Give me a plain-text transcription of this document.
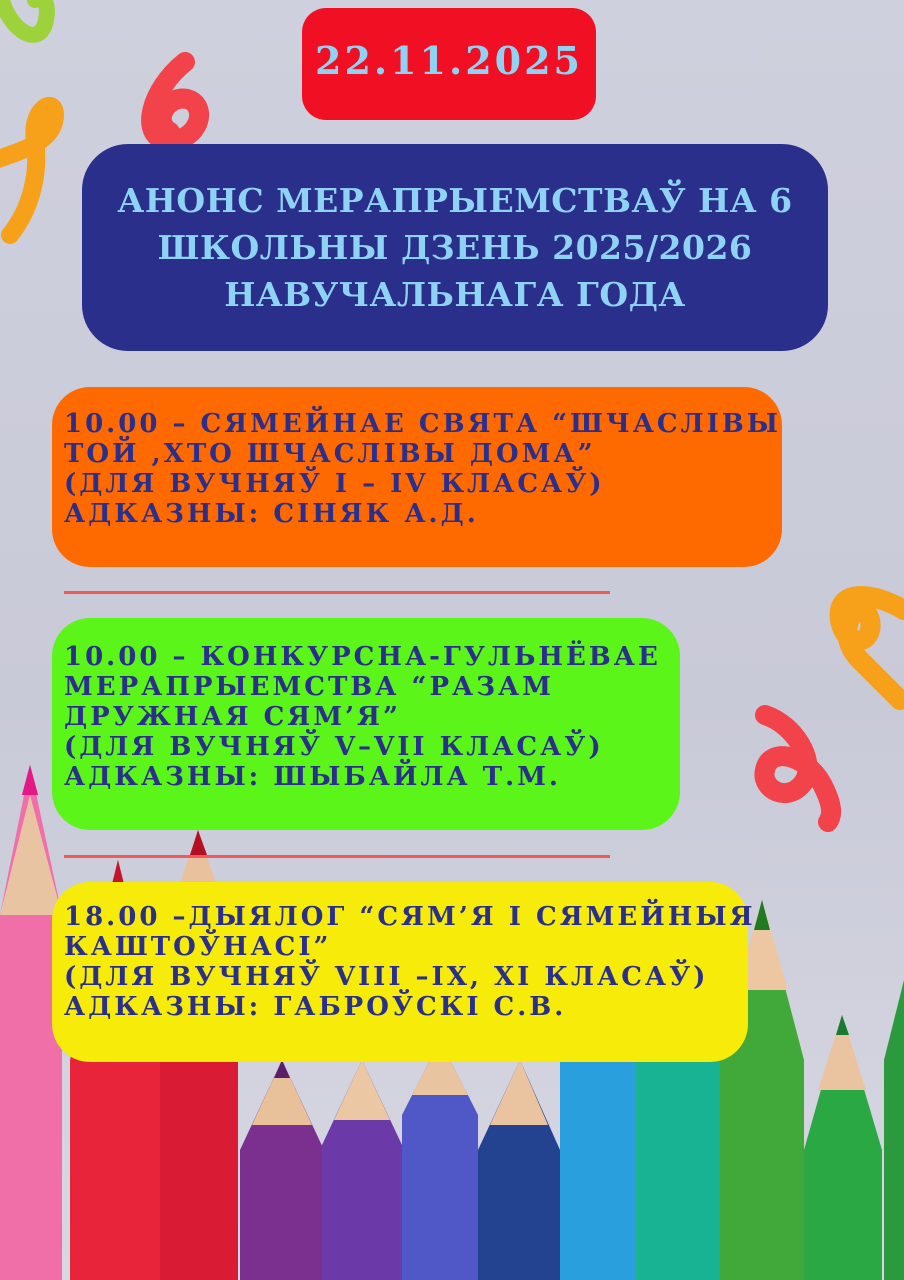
22.11.2025
АНОНС МЕРАПРЫЕМСТВАЎ НА 6
ШКОЛЬНЫ ДЗЕНЬ 2025/2026
НАВУЧАЛЬНАГА ГОДА
10.00 – СЯМЕЙНАЕ СВЯТА “ШЧАСЛІВЫ
ТОЙ ,ХТО ШЧАСЛІВЫ ДОМА”
(ДЛЯ ВУЧНЯЎ І – ІV КЛАСАЎ)
АДКАЗНЫ: СІНЯК А.Д.
10.00 – КОНКУРСНА-ГУЛЬНЁВАЕ
МЕРАПРЫЕМСТВА “РАЗАМ
ДРУЖНАЯ СЯМ’Я”
(ДЛЯ ВУЧНЯЎ V–VII КЛАСАЎ)
АДКАЗНЫ: ШЫБАЙЛА Т.М.
18.00 –ДЫЯЛОГ “СЯМ’Я І СЯМЕЙНЫЯ
КАШТОЎНАСІ”
(ДЛЯ ВУЧНЯЎ VIII –IX, XI КЛАСАЎ)
АДКАЗНЫ: ГАБРОЎСКІ С.В.
